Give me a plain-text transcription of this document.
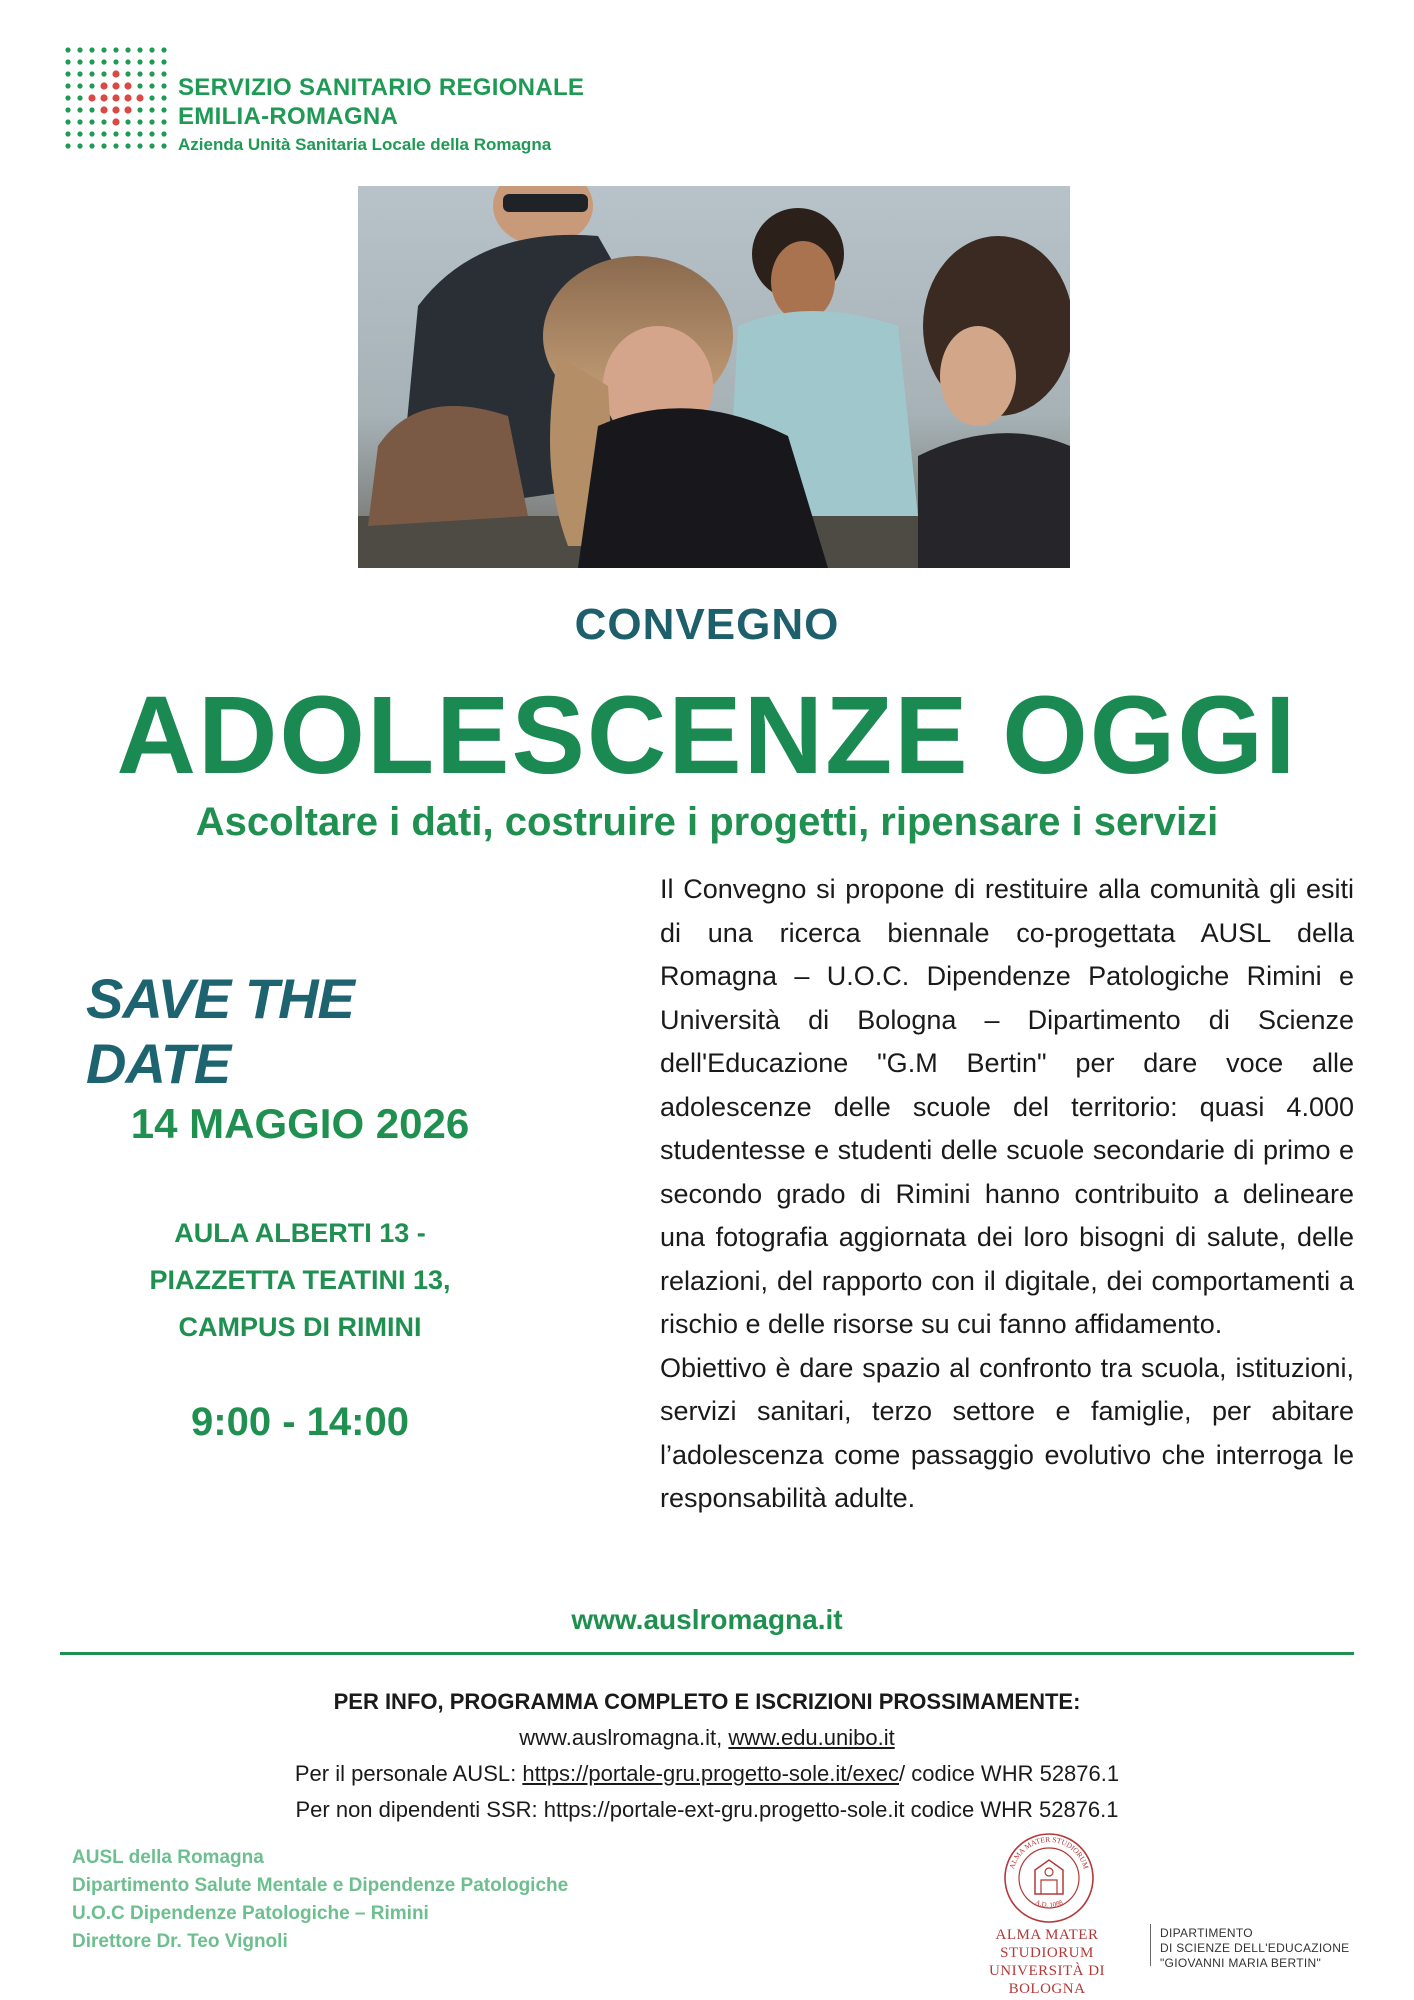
SERVIZIO SANITARIO REGIONALE
EMILIA-ROMAGNA
Azienda Unità Sanitaria Locale della Romagna
CONVEGNO
ADOLESCENZE OGGI
Ascoltare i dati, costruire i progetti, ripensare i servizi
SAVE THE DATE
14 MAGGIO 2026
AULA ALBERTI 13 -
PIAZZETTA TEATINI 13,
CAMPUS DI RIMINI
9:00 - 14:00

Il Convegno si propone di restituire alla comunità gli esiti di una ricerca biennale co-progettata AUSL della Romagna – U.O.C. Dipendenze Patologiche Rimini e Università di Bologna – Dipartimento di Scienze dell'Educazione "G.M Bertin" per dare voce alle adolescenze delle scuole del territorio: quasi 4.000 studentesse e studenti delle scuole secondarie di primo e secondo grado di Rimini hanno contribuito a delineare una fotografia aggiornata dei loro bisogni di salute, delle relazioni, del rapporto con il digitale, dei comportamenti a rischio e delle risorse su cui fanno affidamento.

Obiettivo è dare spazio al confronto tra scuola, istituzioni, servizi sanitari, terzo settore e famiglie, per abitare l’adolescenza come passaggio evolutivo che interroga le responsabilità adulte.

www.auslromagna.it
PER INFO, PROGRAMMA COMPLETO E ISCRIZIONI PROSSIMAMENTE:
www.auslromagna.it, www.edu.unibo.it
Per il personale AUSL: https://portale-gru.progetto-sole.it/exec/ codice WHR 52876.1
Per non dipendenti SSR: https://portale-ext-gru.progetto-sole.it codice WHR 52876.1
AUSL della Romagna
Dipartimento Salute Mentale e Dipendenze Patologiche
U.O.C Dipendenze Patologiche – Rimini
Direttore Dr. Teo Vignoli
ALMA MATER STUDIORUM
A.D. 1088
ALMA MATER STUDIORUM
UNIVERSITÀ DI BOLOGNA
DIPARTIMENTO
DI SCIENZE DELL'EDUCAZIONE
"GIOVANNI MARIA BERTIN"
